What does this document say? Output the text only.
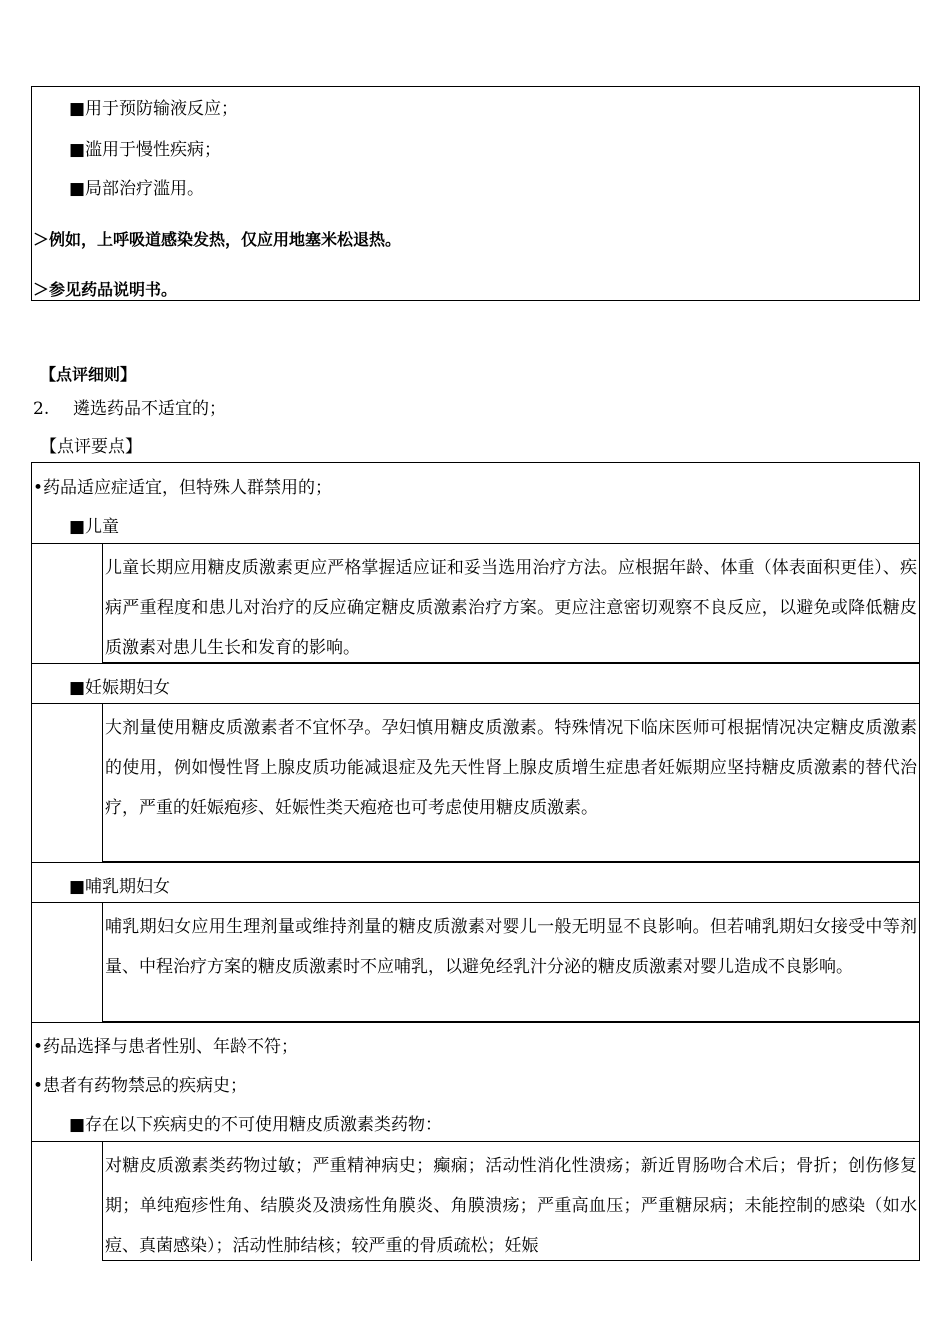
■用于预防输液反应；
■滥用于慢性疾病；
■局部治疗滥用。
＞例如，上呼吸道感染发热，仅应用地塞米松退热。
＞参见药品说明书。
【点评细则】
2. 遴选药品不适宜的；
【点评要点】
•药品适应症适宜，但特殊人群禁用的；
■儿童
儿童长期应用糖皮质激素更应严格掌握适应证和妥当选用治疗方法。应根据年龄、体重（体表面积更佳）、疾病严重程度和患儿对治疗的反应确定糖皮质激素治疗方案。更应注意密切观察不良反应，以避免或降低糖皮质激素对患儿生长和发育的影响。
■妊娠期妇女
大剂量使用糖皮质激素者不宜怀孕。孕妇慎用糖皮质激素。特殊情况下临床医师可根据情况决定糖皮质激素的使用，例如慢性肾上腺皮质功能减退症及先天性肾上腺皮质增生症患者妊娠期应坚持糖皮质激素的替代治疗，严重的妊娠疱疹、妊娠性类天疱疮也可考虑使用糖皮质激素。
■哺乳期妇女
哺乳期妇女应用生理剂量或维持剂量的糖皮质激素对婴儿一般无明显不良影响。但若哺乳期妇女接受中等剂量、中程治疗方案的糖皮质激素时不应哺乳，以避免经乳汁分泌的糖皮质激素对婴儿造成不良影响。
•药品选择与患者性别、年龄不符；
•患者有药物禁忌的疾病史；
■存在以下疾病史的不可使用糖皮质激素类药物：
对糖皮质激素类药物过敏；严重精神病史；癫痫；活动性消化性溃疡；新近胃肠吻合术后；骨折；创伤修复期；单纯疱疹性角、结膜炎及溃疡性角膜炎、角膜溃疡；严重高血压；严重糖尿病；未能控制的感染（如水痘、真菌感染）；活动性肺结核；较严重的骨质疏松；妊娠
